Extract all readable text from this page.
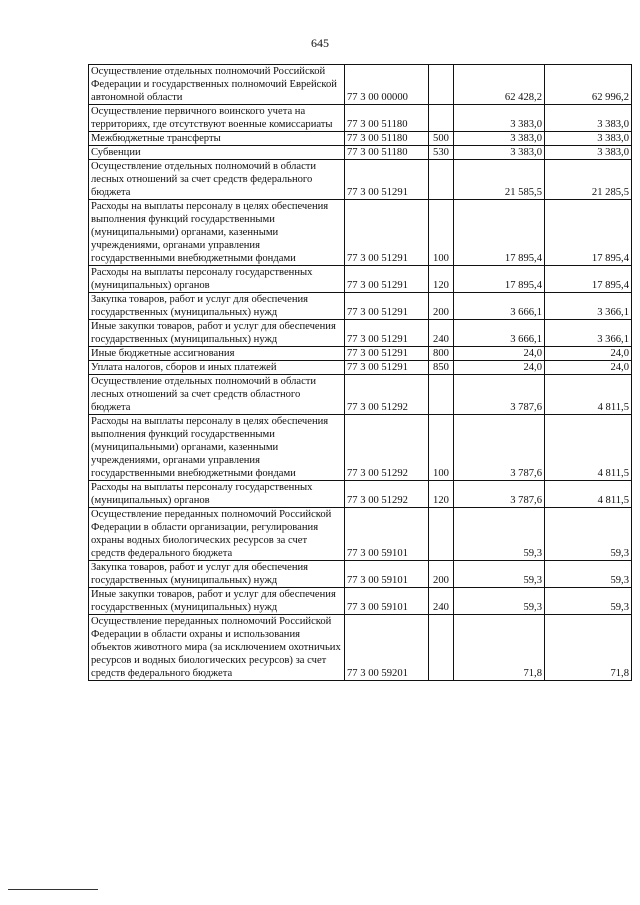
645
Осуществление отдельных полномочий Российской Федерации и государственных полномочий Еврейской автономной области	77 3 00 00000		62 428,2	62 996,2
Осуществление первичного воинского учета на территориях, где отсутствуют военные комиссариаты	77 3 00 51180		3 383,0	3 383,0
Межбюджетные трансферты	77 3 00 51180	500	3 383,0	3 383,0
Субвенции	77 3 00 51180	530	3 383,0	3 383,0
Осуществление отдельных полномочий в области лесных отношений за счет средств федерального бюджета	77 3 00 51291		21 585,5	21 285,5
Расходы на выплаты персоналу в целях обеспечения выполнения функций государственными (муниципальными) органами, казенными учреждениями, органами управления государственными внебюджетными фондами	77 3 00 51291	100	17 895,4	17 895,4
Расходы на выплаты персоналу государственных (муниципальных) органов	77 3 00 51291	120	17 895,4	17 895,4
Закупка товаров, работ и услуг для обеспечения государственных (муниципальных) нужд	77 3 00 51291	200	3 666,1	3 366,1
Иные закупки товаров, работ и услуг для обеспечения государственных (муниципальных) нужд	77 3 00 51291	240	3 666,1	3 366,1
Иные бюджетные ассигнования	77 3 00 51291	800	24,0	24,0
Уплата налогов, сборов и иных платежей	77 3 00 51291	850	24,0	24,0
Осуществление отдельных полномочий в области лесных отношений за счет средств областного бюджета	77 3 00 51292		3 787,6	4 811,5
Расходы на выплаты персоналу в целях обеспечения выполнения функций государственными (муниципальными) органами, казенными учреждениями, органами управления государственными внебюджетными фондами	77 3 00 51292	100	3 787,6	4 811,5
Расходы на выплаты персоналу государственных (муниципальных) органов	77 3 00 51292	120	3 787,6	4 811,5
Осуществление переданных полномочий Российской Федерации в области организации, регулирования охраны водных биологических ресурсов за счет средств федерального бюджета	77 3 00 59101		59,3	59,3
Закупка товаров, работ и услуг для обеспечения государственных (муниципальных) нужд	77 3 00 59101	200	59,3	59,3
Иные закупки товаров, работ и услуг для обеспечения государственных (муниципальных) нужд	77 3 00 59101	240	59,3	59,3
Осуществление переданных полномочий Российской Федерации в области охраны и использования объектов животного мира (за исключением охотничьих ресурсов и водных биологических ресурсов) за счет средств федерального бюджета	77 3 00 59201		71,8	71,8
